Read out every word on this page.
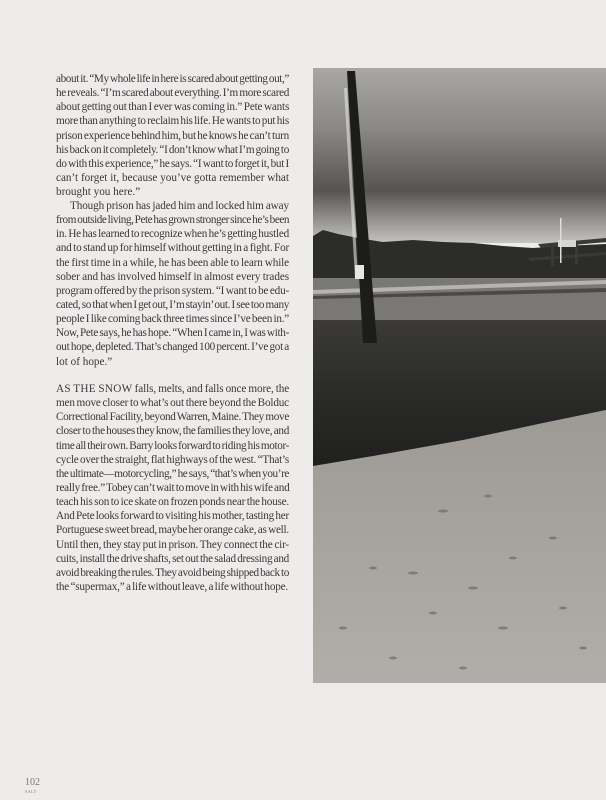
about it. “My whole life in here is scared about getting out,”
he reveals. “I’m scared about everything. I’m more scared
about getting out than I ever was coming in.” Pete wants
more than anything to reclaim his life. He wants to put his
prison experience behind him, but he knows he can’t turn
his back on it completely. “I don’t know what I’m going to
do with this experience,” he says. “I want to forget it, but I
can’t forget it, because you’ve gotta remember what
brought you here.”
Though prison has jaded him and locked him away
from outside living, Pete has grown stronger since he’s been
in. He has learned to recognize when he’s getting hustled
and to stand up for himself without getting in a fight. For
the first time in a while, he has been able to learn while
sober and has involved himself in almost every trades
program offered by the prison system. “I want to be edu-
cated, so that when I get out, I’m stayin’ out. I see too many
people I like coming back three times since I’ve been in.”
Now, Pete says, he has hope. “When I came in, I was with-
out hope, depleted. That’s changed 100 percent. I’ve got a
lot of hope.”
AS THE SNOW falls, melts, and falls once more, the
men move closer to what’s out there beyond the Bolduc
Correctional Facility, beyond Warren, Maine. They move
closer to the houses they know, the families they love, and
time all their own. Barry looks forward to riding his motor-
cycle over the straight, flat highways of the west. “That’s
the ultimate—motorcycling,” he says, “that’s when you’re
really free.” Tobey can’t wait to move in with his wife and
teach his son to ice skate on frozen ponds near the house.
And Pete looks forward to visiting his mother, tasting her
Portuguese sweet bread, maybe her orange cake, as well.
Until then, they stay put in prison. They connect the cir-
cuits, install the drive shafts, set out the salad dressing and
avoid breaking the rules. They avoid being shipped back to
the “supermax,” a life without leave, a life without hope.
102
SALT
